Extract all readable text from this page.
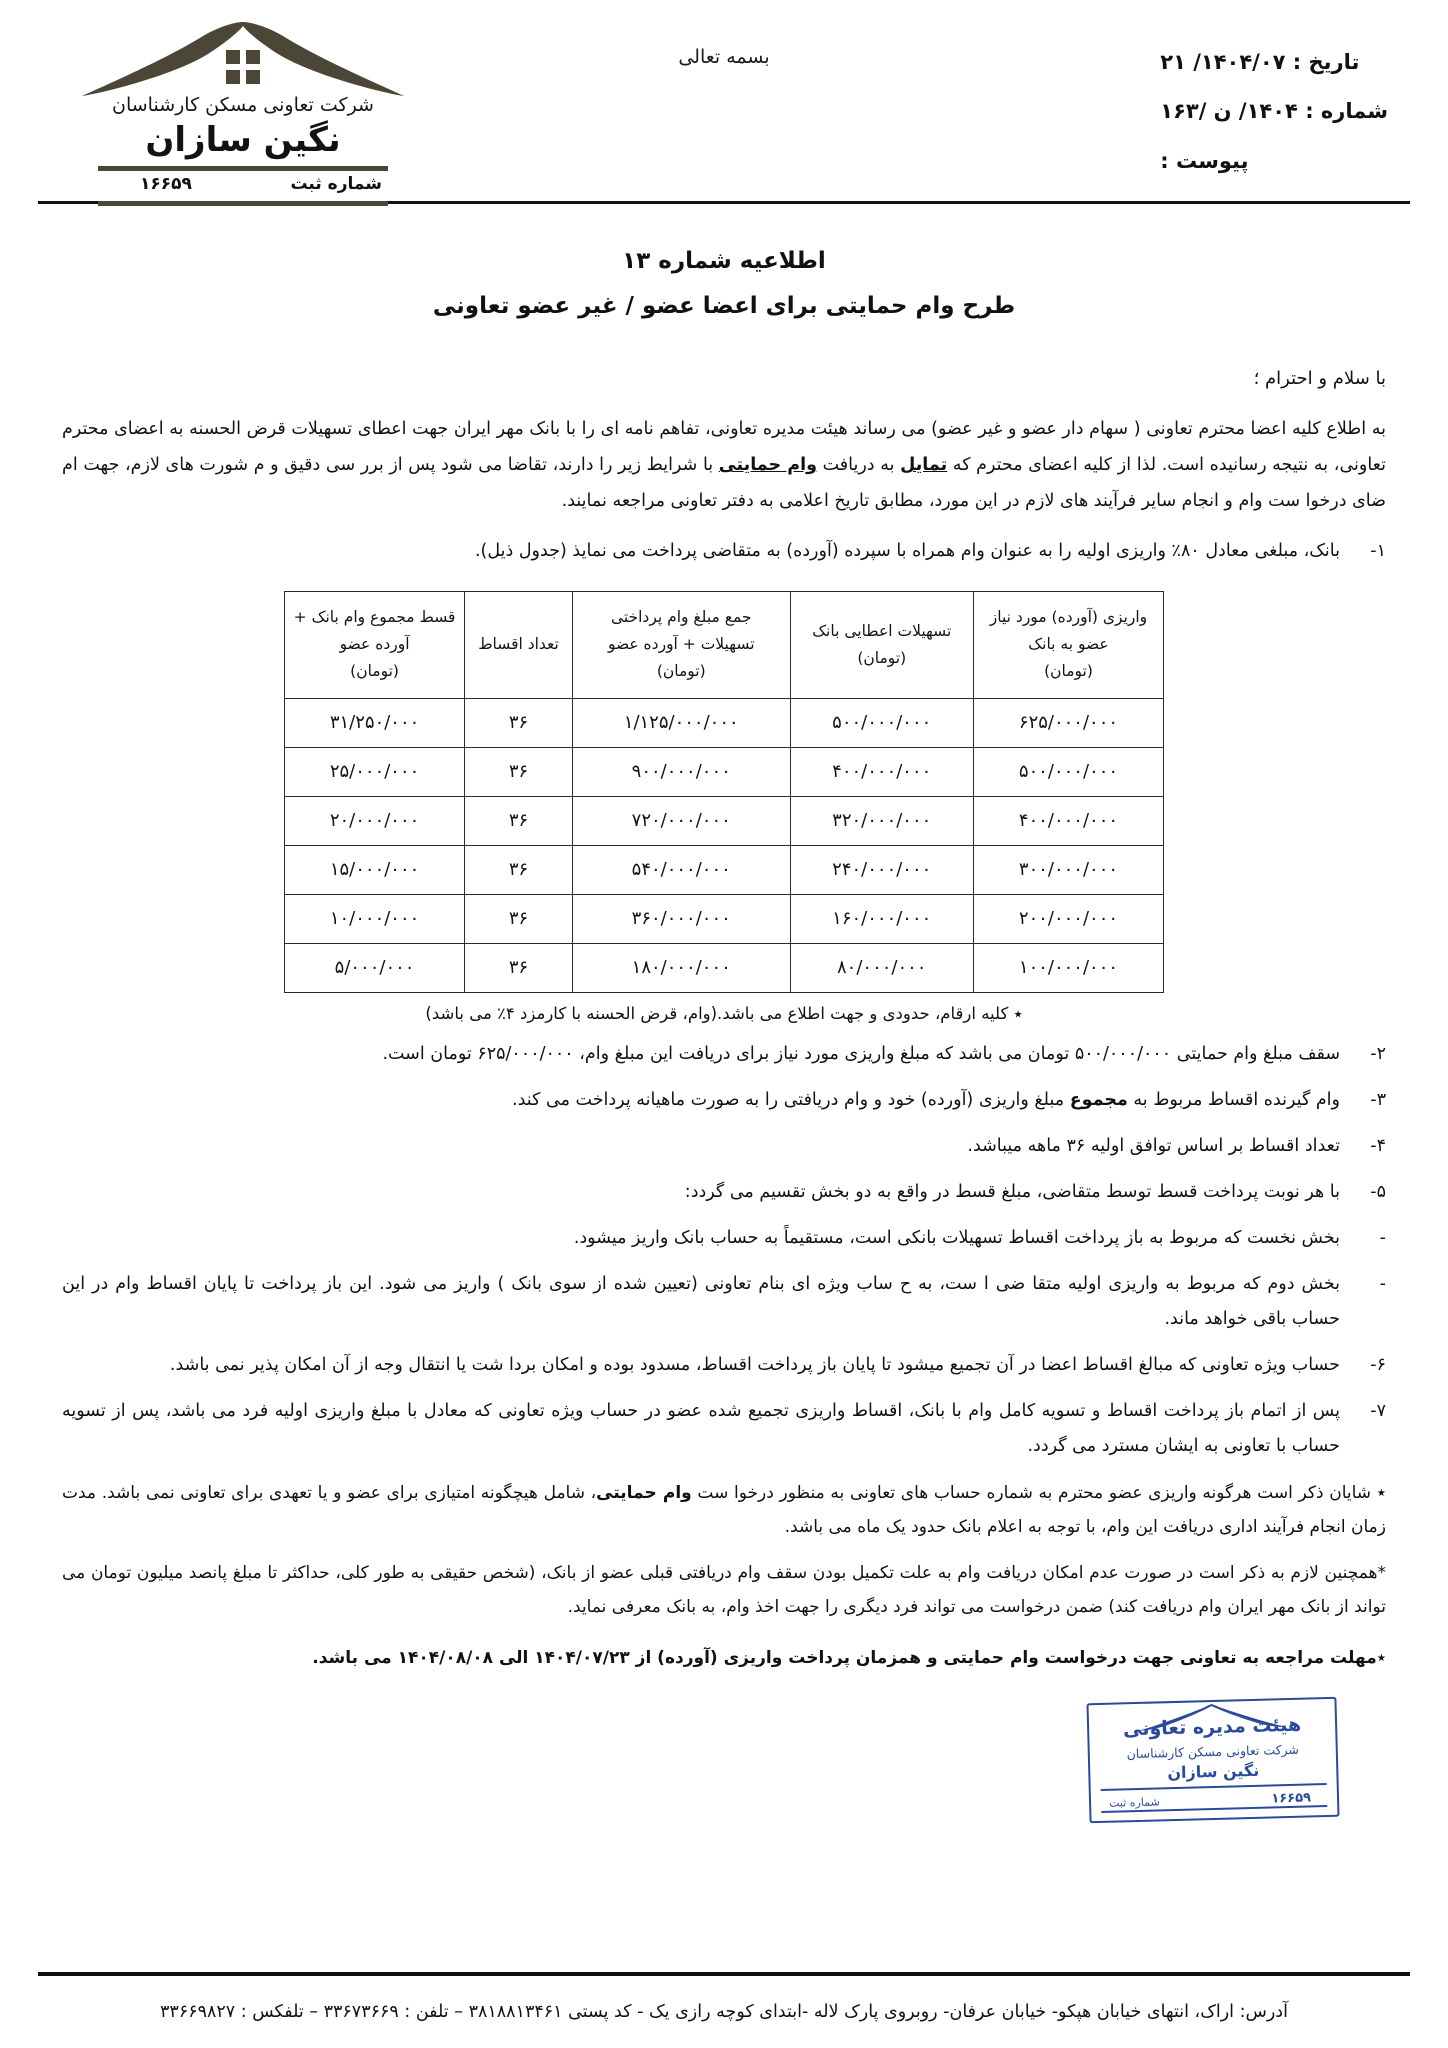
تاریخ : ۱۴۰۴/۰۷/ ۲۱
شماره : ۱۴۰۴/ ن /۱۶۳
پیوست :
بسمه تعالی
شرکت تعاونی مسکن کارشناسان
نگین سازان
شماره ثبت
۱۶۶۵۹
اطلاعیه شماره ۱۳
طرح وام حمایتی برای اعضا عضو / غیر عضو تعاونی
با سلام و احترام ؛
به اطلاع کلیه اعضا محترم تعاونی ( سهام دار عضو و غیر عضو) می رساند هیئت مدیره تعاونی، تفاهم نامه ای را با بانک مهر ایران جهت اعطای تسهیلات قرض الحسنه به اعضای محترم تعاونی، به نتیجه رسانیده است. لذا از کلیه اعضای محترم که تمایل به دریافت وام حمایتی با شرایط زیر را دارند، تقاضا می شود پس از برر سی دقیق و م شورت های لازم، جهت ام ضای درخوا ست وام و انجام سایر فرآیند های لازم در این مورد، مطابق تاریخ اعلامی به دفتر تعاونی مراجعه نمایند.
۱-
بانک، مبلغی معادل ۸۰٪ واریزی اولیه را به عنوان وام همراه با سپرده (آورده) به متقاضی پرداخت می نمایذ (جدول ذیل).
واریزی (آورده) مورد نیاز
عضو به بانک
(تومان)

تسهیلات اعطایی بانک
(تومان)

جمع مبلغ وام پرداختی
تسهیلات + آورده عضو
(تومان)

تعداد اقساط

قسط مجموع وام بانک +
آورده عضو
(تومان)

۶۲۵/۰۰۰/۰۰۰	۵۰۰/۰۰۰/۰۰۰	۱/۱۲۵/۰۰۰/۰۰۰	۳۶	۳۱/۲۵۰/۰۰۰
۵۰۰/۰۰۰/۰۰۰	۴۰۰/۰۰۰/۰۰۰	۹۰۰/۰۰۰/۰۰۰	۳۶	۲۵/۰۰۰/۰۰۰
۴۰۰/۰۰۰/۰۰۰	۳۲۰/۰۰۰/۰۰۰	۷۲۰/۰۰۰/۰۰۰	۳۶	۲۰/۰۰۰/۰۰۰
۳۰۰/۰۰۰/۰۰۰	۲۴۰/۰۰۰/۰۰۰	۵۴۰/۰۰۰/۰۰۰	۳۶	۱۵/۰۰۰/۰۰۰
۲۰۰/۰۰۰/۰۰۰	۱۶۰/۰۰۰/۰۰۰	۳۶۰/۰۰۰/۰۰۰	۳۶	۱۰/۰۰۰/۰۰۰
۱۰۰/۰۰۰/۰۰۰	۸۰/۰۰۰/۰۰۰	۱۸۰/۰۰۰/۰۰۰	۳۶	۵/۰۰۰/۰۰۰
٭ کلیه ارقام، حدودی و جهت اطلاع می باشد.(وام، قرض الحسنه با کارمزد ۴٪ می باشد)
۲-
سقف مبلغ وام حمایتی ۵۰۰/۰۰۰/۰۰۰ تومان می باشد که مبلغ واریزی مورد نیاز برای دریافت این مبلغ وام، ۶۲۵/۰۰۰/۰۰۰ تومان است.
۳-
وام گیرنده اقساط مربوط به مجموع مبلغ واریزی (آورده) خود و وام دریافتی را به صورت ماهیانه پرداخت می کند.
۴-
تعداد اقساط بر اساس توافق اولیه ۳۶ ماهه میباشد.
۵-
با هر نوبت پرداخت قسط توسط متقاضی، مبلغ قسط در واقع به دو بخش تقسیم می گردد:
-
بخش نخست که مربوط به باز پرداخت اقساط تسهیلات بانکی است، مستقیماً به حساب بانک واریز میشود.
-
بخش دوم که مربوط به واریزی اولیه متقا ضی ا ست، به ح ساب ویژه ای بنام تعاونی (تعیین شده از سوی بانک ) واریز می شود. این باز پرداخت تا پایان اقساط وام در این حساب باقی خواهد ماند.
۶-
حساب ویژه تعاونی که مبالغ اقساط اعضا در آن تجمیع میشود تا پایان باز پرداخت اقساط، مسدود بوده و امکان بردا شت یا انتقال وجه از آن امکان پذیر نمی باشد.
۷-
پس از اتمام باز پرداخت اقساط و تسویه کامل وام با بانک، اقساط واریزی تجمیع شده عضو در حساب ویژه تعاونی که معادل با مبلغ واریزی اولیه فرد می باشد، پس از تسویه حساب با تعاونی به ایشان مسترد می گردد.
٭ شایان ذکر است هرگونه واریزی عضو محترم به شماره حساب های تعاونی به منظور درخوا ست وام حمایتی، شامل هیچگونه امتیازی برای عضو و یا تعهدی برای تعاونی نمی باشد. مدت زمان انجام فرآیند اداری دریافت این وام، با توجه به اعلام بانک حدود یک ماه می باشد.
*همچنین لازم به ذکر است در صورت عدم امکان دریافت وام به علت تکمیل بودن سقف وام دریافتی قبلی عضو از بانک، (شخص حقیقی به طور کلی، حداکثر تا مبلغ پانصد میلیون تومان می تواند از بانک مهر ایران وام دریافت کند) ضمن درخواست می تواند فرد دیگری را جهت اخذ وام، به بانک معرفی نماید.
٭مهلت مراجعه به تعاونی جهت درخواست وام حمایتی و همزمان پرداخت واریزی (آورده) از ۱۴۰۴/۰۷/۲۳ الی ۱۴۰۴/۰۸/۰۸ می باشد.
هیئت مدیره تعاونی
شرکت تعاونی مسکن کارشناسان
نگین سازان
شماره ثبت	۱۶۶۵۹
آدرس: اراک، انتهای خیابان هپکو- خیابان عرفان- روبروی پارک لاله -ابتدای کوچه رازی یک - کد پستی ۳۸۱۸۸۱۳۴۶۱ – تلفن : ۳۳۶۷۳۶۶۹ – تلفکس : ۳۳۶۶۹۸۲۷
